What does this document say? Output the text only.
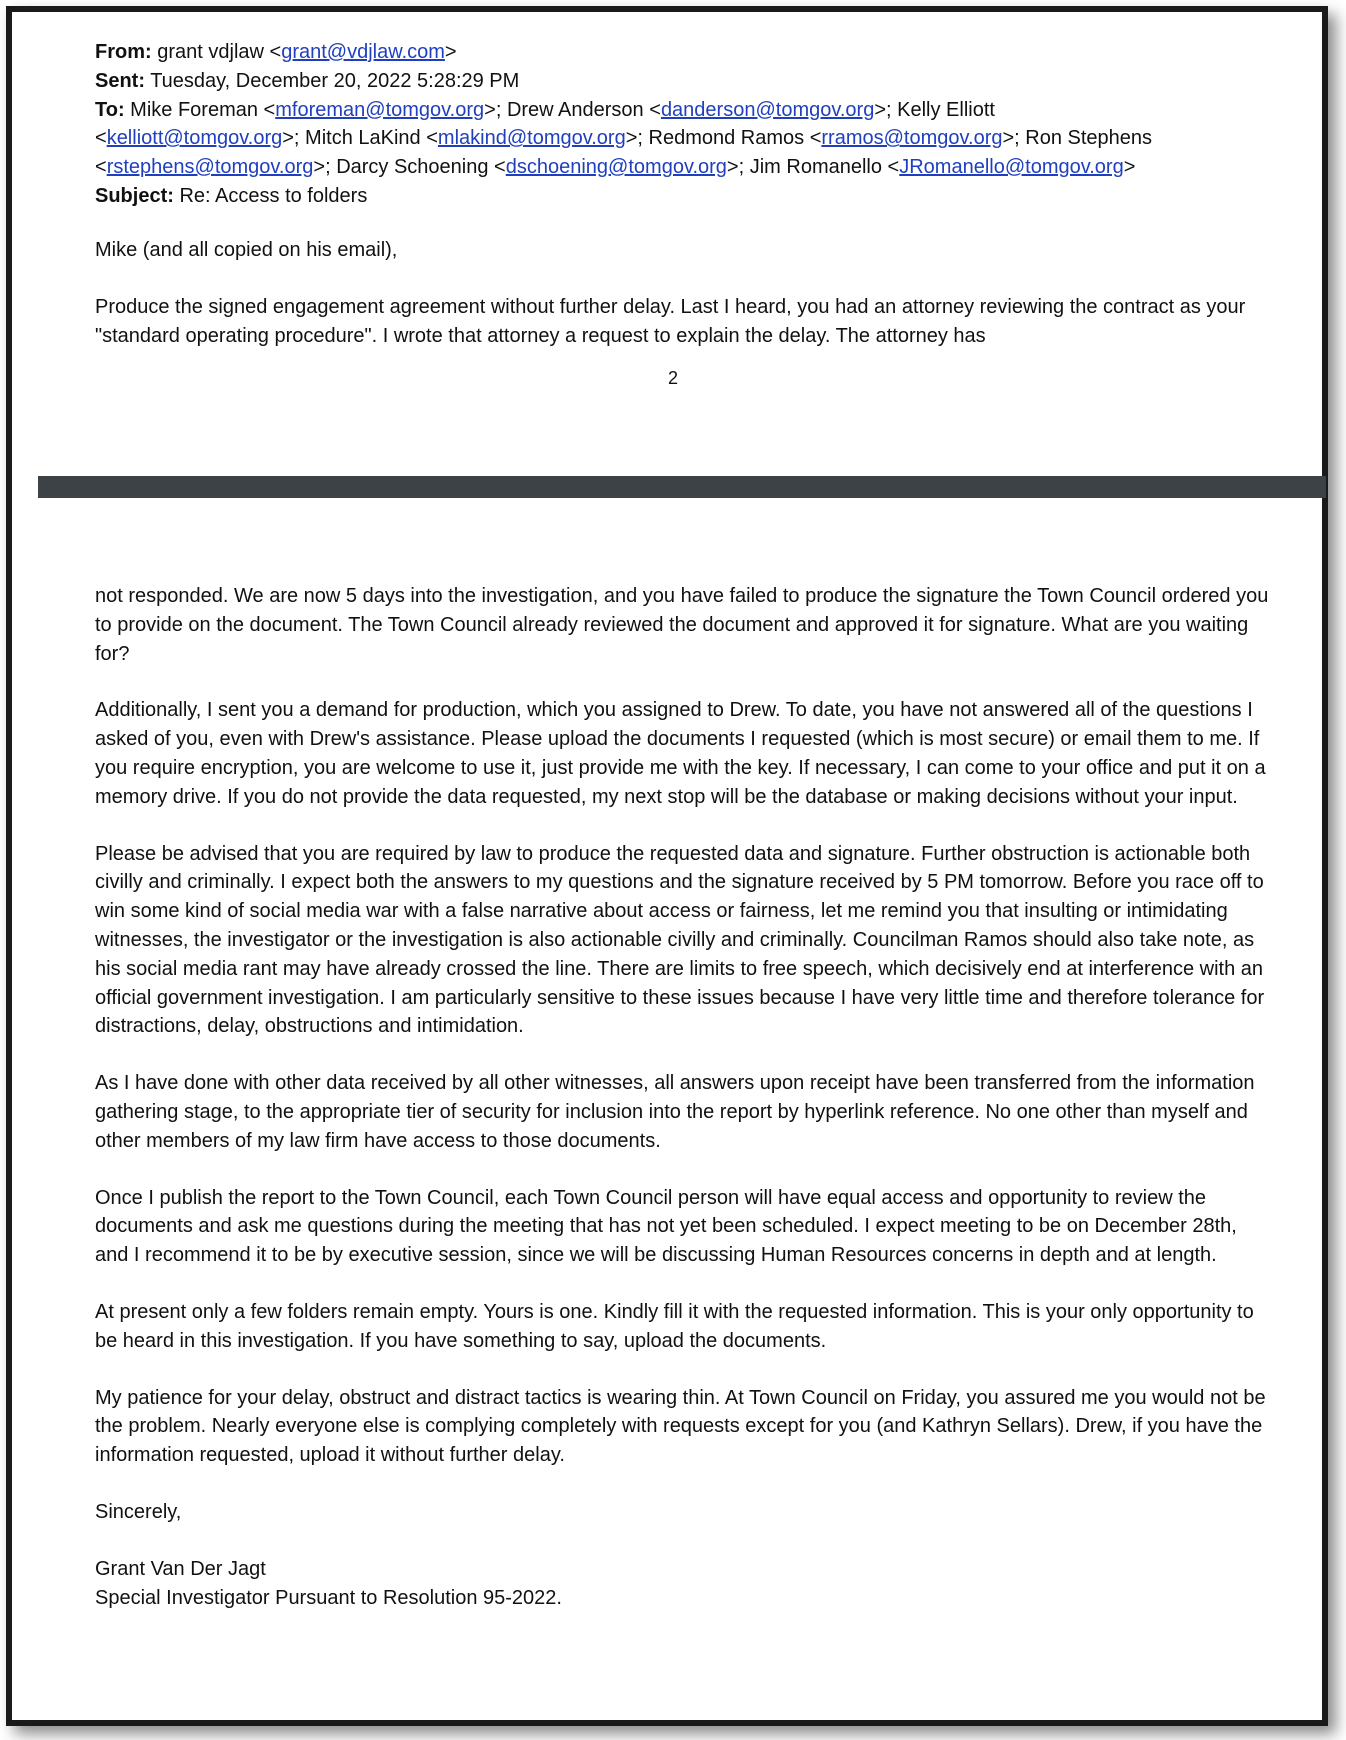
From: grant vdjlaw <grant@vdjlaw.com>
Sent: Tuesday, December 20, 2022 5:28:29 PM
To: Mike Foreman <mforeman@tomgov.org>; Drew Anderson <danderson@tomgov.org>; Kelly Elliott
<kelliott@tomgov.org>; Mitch LaKind <mlakind@tomgov.org>; Redmond Ramos <rramos@tomgov.org>; Ron Stephens
<rstephens@tomgov.org>; Darcy Schoening <dschoening@tomgov.org>; Jim Romanello <JRomanello@tomgov.org>
Subject: Re: Access to folders

Mike (and all copied on his email),

Produce the signed engagement agreement without further delay. Last I heard, you had an attorney reviewing the contract as your "standard operating procedure". I wrote that attorney a request to explain the delay. The attorney has

2

not responded. We are now 5 days into the investigation, and you have failed to produce the signature the Town Council ordered you to provide on the document. The Town Council already reviewed the document and approved it for signature. What are you waiting for?

Additionally, I sent you a demand for production, which you assigned to Drew. To date, you have not answered all of the questions I asked of you, even with Drew's assistance. Please upload the documents I requested (which is most secure) or email them to me. If you require encryption, you are welcome to use it, just provide me with the key. If necessary, I can come to your office and put it on a memory drive. If you do not provide the data requested, my next stop will be the database or making decisions without your input.

Please be advised that you are required by law to produce the requested data and signature. Further obstruction is actionable both civilly and criminally. I expect both the answers to my questions and the signature received by 5 PM tomorrow. Before you race off to win some kind of social media war with a false narrative about access or fairness, let me remind you that insulting or intimidating witnesses, the investigator or the investigation is also actionable civilly and criminally. Councilman Ramos should also take note, as his social media rant may have already crossed the line. There are limits to free speech, which decisively end at interference with an official government investigation. I am particularly sensitive to these issues because I have very little time and therefore tolerance for distractions, delay, obstructions and intimidation.

As I have done with other data received by all other witnesses, all answers upon receipt have been transferred from the information gathering stage, to the appropriate tier of security for inclusion into the report by hyperlink reference. No one other than myself and other members of my law firm have access to those documents.

Once I publish the report to the Town Council, each Town Council person will have equal access and opportunity to review the documents and ask me questions during the meeting that has not yet been scheduled. I expect meeting to be on December 28th, and I recommend it to be by executive session, since we will be discussing Human Resources concerns in depth and at length.

At present only a few folders remain empty. Yours is one. Kindly fill it with the requested information. This is your only opportunity to be heard in this investigation. If you have something to say, upload the documents.

My patience for your delay, obstruct and distract tactics is wearing thin. At Town Council on Friday, you assured me you would not be the problem. Nearly everyone else is complying completely with requests except for you (and Kathryn Sellars). Drew, if you have the information requested, upload it without further delay.

Sincerely,

Grant Van Der Jagt

Special Investigator Pursuant to Resolution 95-2022.
